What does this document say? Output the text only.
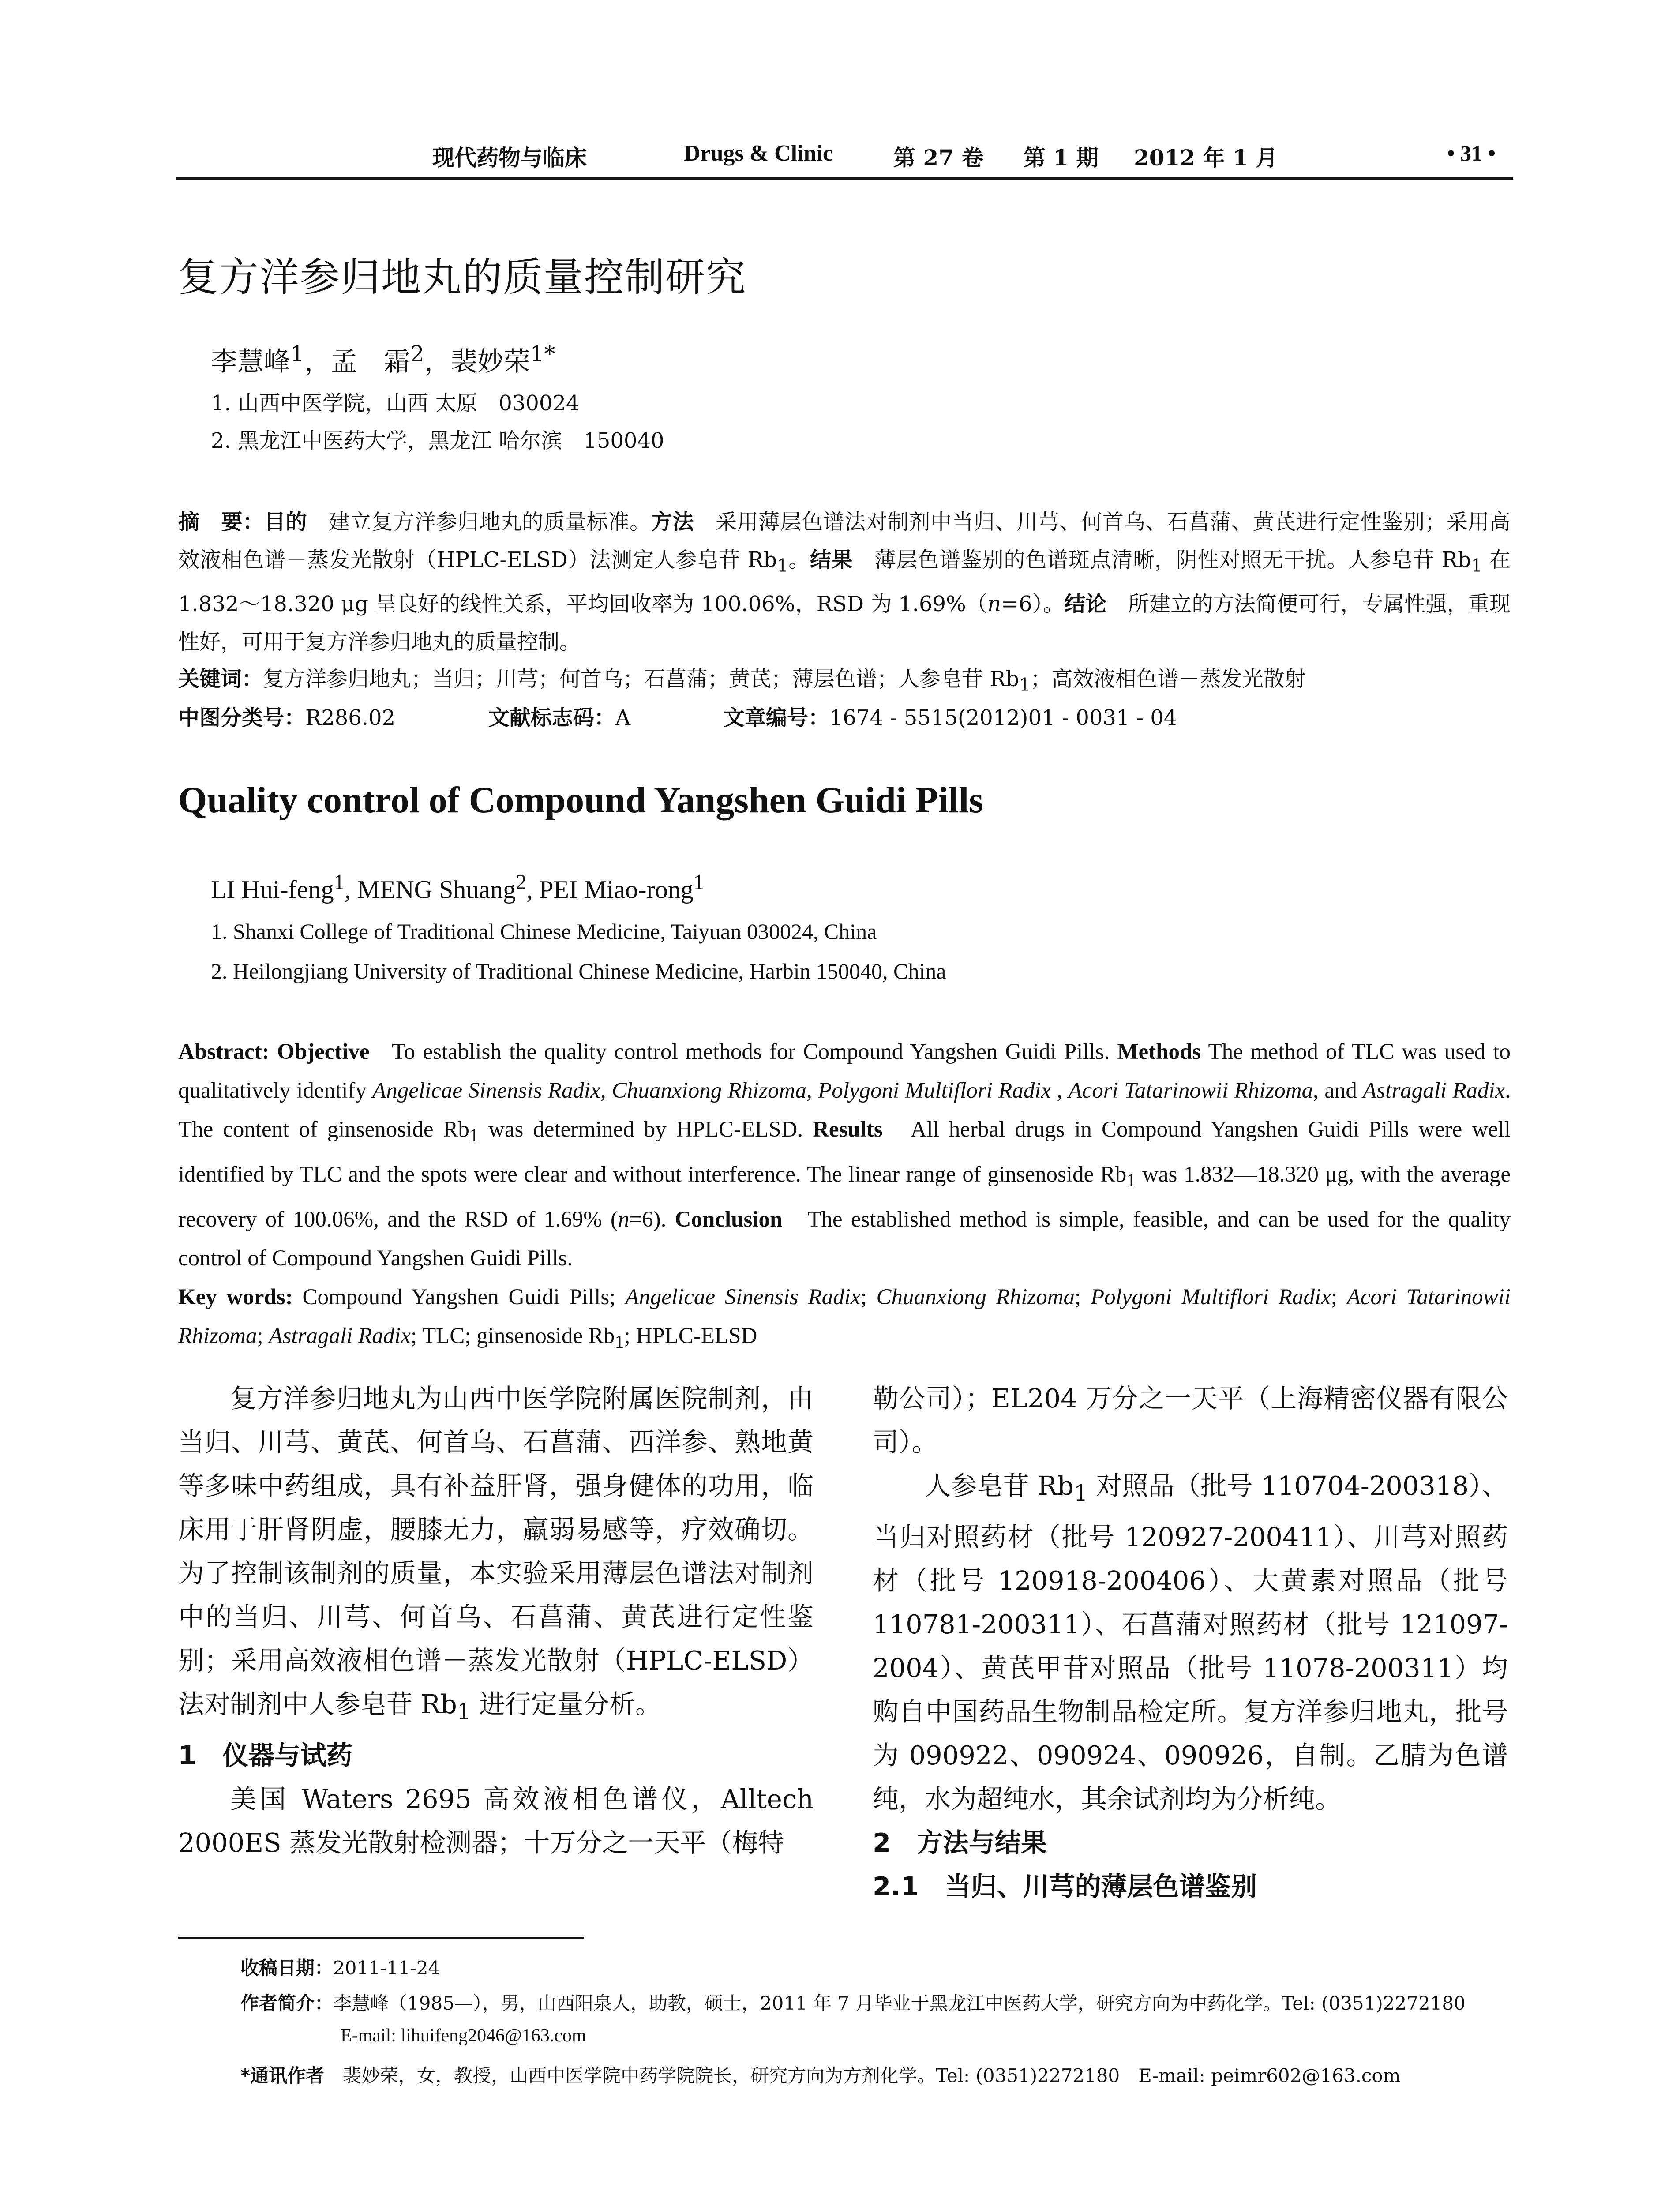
现代药物与临床	Drugs & Clinic	第 27 卷 第 1 期 2012 年 1 月	• 31 •
复方洋参归地丸的质量控制研究
李慧峰$^1$，孟　霜$^2$，裴妙荣$^{1*}$
1. 山西中医学院，山西 太原　030024
2. 黑龙江中医药大学，黑龙江 哈尔滨　150040
摘　要：目的　 建立复方洋参归地丸的质量标准。方法　 采用薄层色谱法对制剂中当归、川芎、何首乌、石菖蒲、黄芪进行定性鉴别；采用高效液相色谱－蒸发光散射（HPLC-ELSD）法测定人参皂苷 $Rb_1$。结果　 薄层色谱鉴别的色谱斑点清晰，阴性对照无干扰。人参皂苷 $Rb_1$ 在 1.832～18.320 μg 呈良好的线性关系，平均回收率为 100.06%，RSD 为 1.69%（n=6）。结论　 所建立的方法简便可行，专属性强，重现性好，可用于复方洋参归地丸的质量控制。
关键词：复方洋参归地丸；当归；川芎；何首乌；石菖蒲；黄芪；薄层色谱；人参皂苷 $Rb_1$；高效液相色谱－蒸发光散射
中图分类号：R286.02	文献标志码：A	文章编号：1674 - 5515(2012)01 - 0031 - 04
Quality control of Compound Yangshen Guidi Pills
LI Hui-feng$^1$, MENG Shuang$^2$, PEI Miao-rong$^1$
1. Shanxi College of Traditional Chinese Medicine, Taiyuan 030024, China
2. Heilongjiang University of Traditional Chinese Medicine, Harbin 150040, China
Abstract: Objective To establish the quality control methods for Compound Yangshen Guidi Pills. Methods The method of TLC was used to qualitatively identify Angelicae Sinensis Radix, Chuanxiong Rhizoma, Polygoni Multiflori Radix , Acori Tatarinowii Rhizoma, and Astragali Radix. The content of ginsenoside $Rb_1$ was determined by HPLC-ELSD. Results All herbal drugs in Compound Yangshen Guidi Pills were well identified by TLC and the spots were clear and without interference. The linear range of ginsenoside $Rb_1$ was 1.832—18.320 μg, with the average recovery of 100.06%, and the RSD of 1.69% (n=6). Conclusion The established method is simple, feasible, and can be used for the quality control of Compound Yangshen Guidi Pills.
Key words: Compound Yangshen Guidi Pills; Angelicae Sinensis Radix; Chuanxiong Rhizoma; Polygoni Multiflori Radix; Acori Tatarinowii Rhizoma; Astragali Radix; TLC; ginsenoside $Rb_1$; HPLC-ELSD

复方洋参归地丸为山西中医学院附属医院制剂，由当归、川芎、黄芪、何首乌、石菖蒲、西洋参、熟地黄等多味中药组成，具有补益肝肾，强身健体的功用，临床用于肝肾阴虚，腰膝无力，羸弱易感等，疗效确切。为了控制该制剂的质量，本实验采用薄层色谱法对制剂中的当归、川芎、何首乌、石菖蒲、黄芪进行定性鉴别；采用高效液相色谱－蒸发光散射（HPLC-ELSD）法对制剂中人参皂苷 $Rb_1$ 进行定量分析。

1　仪器与试药

美国 Waters 2695 高效液相色谱仪，Alltech 2000ES 蒸发光散射检测器；十万分之一天平（梅特

勒公司）；EL204 万分之一天平（上海精密仪器有限公司）。

人参皂苷 $Rb_1$ 对照品（批号 110704-200318）、当归对照药材（批号 120927-200411）、川芎对照药材（批号 120918-200406）、大黄素对照品（批号 110781-200311）、石菖蒲对照药材（批号 121097-2004）、黄芪甲苷对照品（批号 11078-200311）均购自中国药品生物制品检定所。复方洋参归地丸，批号为 090922、090924、090926，自制。乙腈为色谱纯，水为超纯水，其余试剂均为分析纯。

2　方法与结果
2.1　当归、川芎的薄层色谱鉴别
收稿日期：2011-11-24
作者简介：李慧峰（1985—），男，山西阳泉人，助教，硕士，2011 年 7 月毕业于黑龙江中医药大学，研究方向为中药化学。Tel: (0351)2272180
E-mail: lihuifeng2046@163.com
*通讯作者　 裴妙荣，女，教授，山西中医学院中药学院院长，研究方向为方剂化学。Tel: (0351)2272180　E-mail: peimr602@163.com
